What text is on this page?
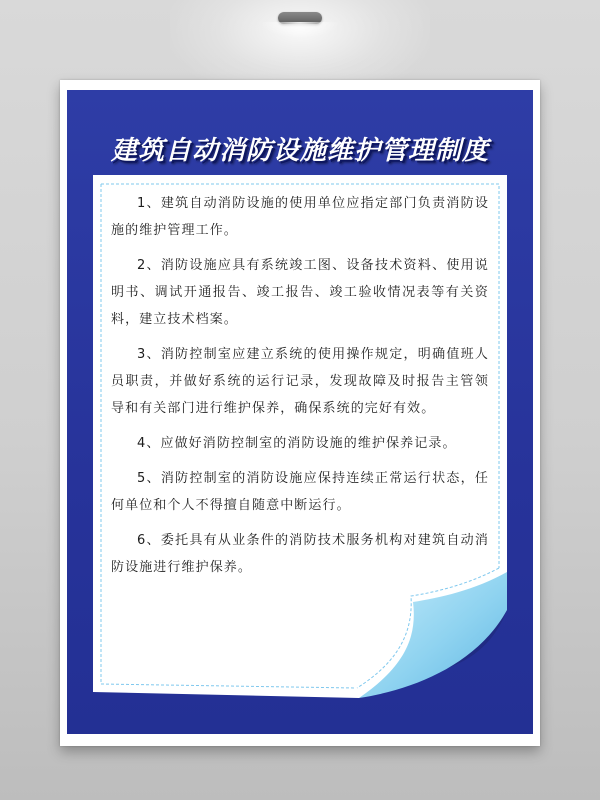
建筑自动消防设施维护管理制度

1、建筑自动消防设施的使用单位应指定部门负责消防设施的维护管理工作。

2、消防设施应具有系统竣工图、设备技术资料、使用说明书、调试开通报告、竣工报告、竣工验收情况表等有关资料，建立技术档案。

3、消防控制室应建立系统的使用操作规定，明确值班人员职责，并做好系统的运行记录，发现故障及时报告主管领导和有关部门进行维护保养，确保系统的完好有效。

4、应做好消防控制室的消防设施的维护保养记录。

5、消防控制室的消防设施应保持连续正常运行状态，任何单位和个人不得擅自随意中断运行。

6、委托具有从业条件的消防技术服务机构对建筑自动消防设施进行维护保养。
